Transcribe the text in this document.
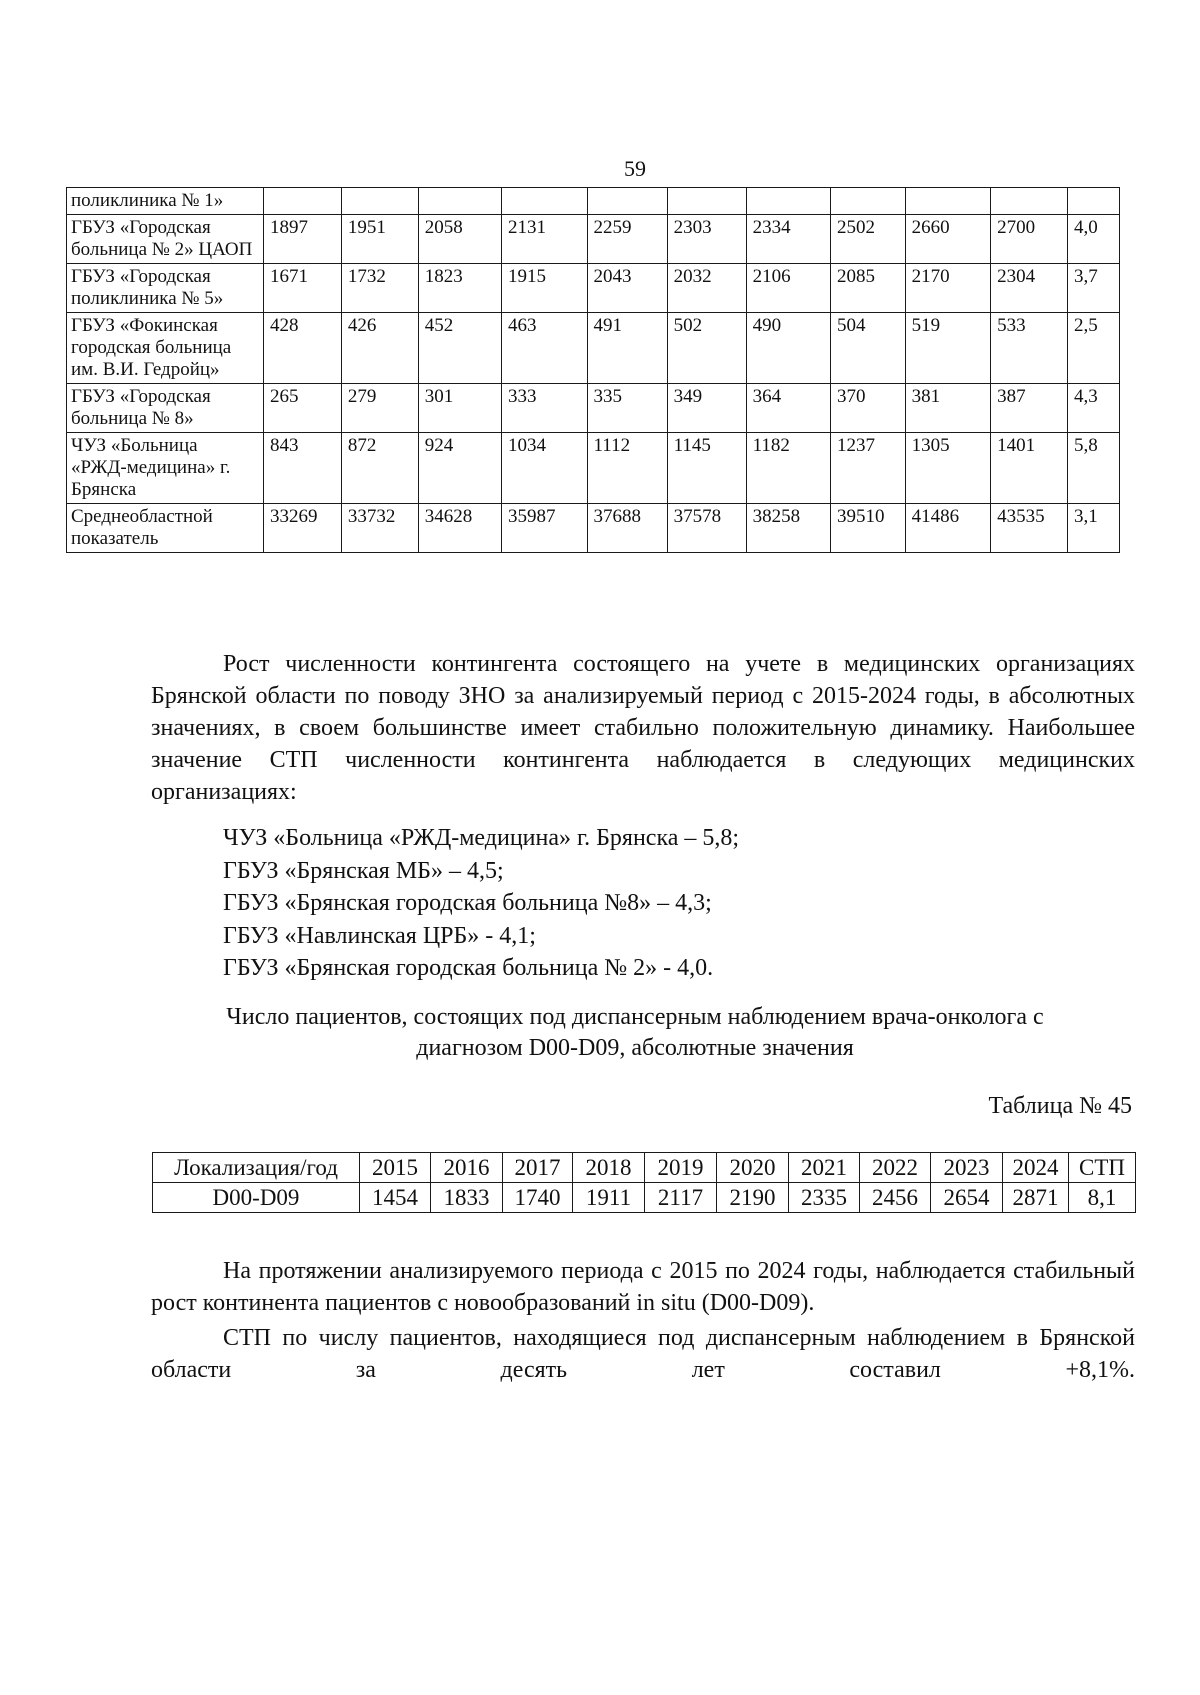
59
поликлиника № 1»											
ГБУЗ «Городская больница № 2» ЦАОП	1897	1951	2058	2131	2259	2303	2334	2502	2660	2700	4,0
ГБУЗ «Городская поликлиника № 5»	1671	1732	1823	1915	2043	2032	2106	2085	2170	2304	3,7
ГБУЗ «Фокинская городская больница им. В.И. Гедройц»	428	426	452	463	491	502	490	504	519	533	2,5
ГБУЗ «Городская больница № 8»	265	279	301	333	335	349	364	370	381	387	4,3
ЧУЗ «Больница «РЖД-медицина» г. Брянска	843	872	924	1034	1112	1145	1182	1237	1305	1401	5,8
Среднеобластной показатель	33269	33732	34628	35987	37688	37578	38258	39510	41486	43535	3,1

Рост численности контингента состоящего на учете в медицинских организациях Брянской области по поводу ЗНО за анализируемый период с 2015-2024 годы, в абсолютных значениях, в своем большинстве имеет стабильно положительную динамику. Наибольшее значение СТП численности контингента наблюдается в следующих медицинских организациях:

ЧУЗ «Больница «РЖД-медицина» г. Брянска – 5,8;
ГБУЗ «Брянская МБ» – 4,5;
ГБУЗ «Брянская городская больница №8» – 4,3;
ГБУЗ «Навлинская ЦРБ» - 4,1;
ГБУЗ «Брянская городская больница № 2» - 4,0.
Число пациентов, состоящих под диспансерным наблюдением врача-онколога с
диагнозом D00-D09, абсолютные значения
Таблица № 45
Локализация/год	2015	2016	2017	2018	2019	2020	2021	2022	2023	2024	СТП
D00-D09	1454	1833	1740	1911	2117	2190	2335	2456	2654	2871	8,1

На протяжении анализируемого периода с 2015 по 2024 годы, наблюдается стабильный рост континента пациентов с новообразований in situ (D00-D09).

СТП по числу пациентов, находящиеся под диспансерным наблюдением в Брянской области за десять лет составил +8,1%.
